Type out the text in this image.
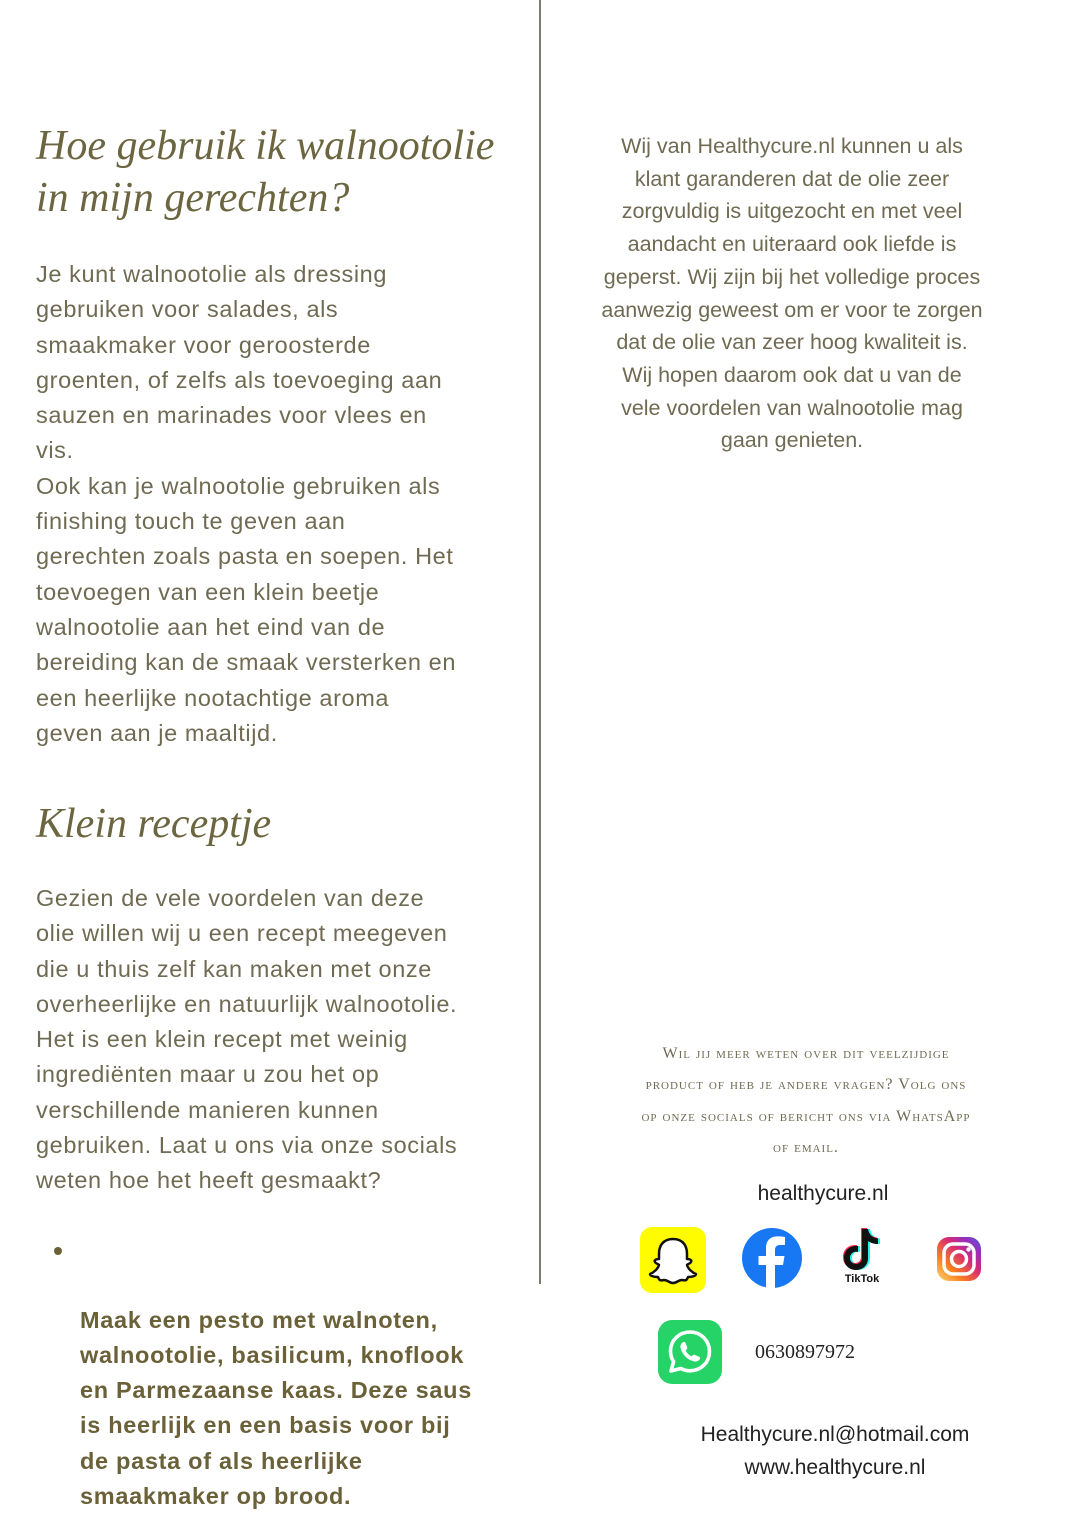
Hoe gebruik ik walnootolie in mijn gerechten?

Je kunt walnootolie als dressing
gebruiken voor salades, als
smaakmaker voor geroosterde
groenten, of zelfs als toevoeging aan
sauzen en marinades voor vlees en
vis.
Ook kan je walnootolie gebruiken als
finishing touch te geven aan
gerechten zoals pasta en soepen. Het
toevoegen van een klein beetje
walnootolie aan het eind van de
bereiding kan de smaak versterken en
een heerlijke nootachtige aroma
geven aan je maaltijd.

Klein receptje

Gezien de vele voordelen van deze
olie willen wij u een recept meegeven
die u thuis zelf kan maken met onze
overheerlijke en natuurlijk walnootolie.
Het is een klein recept met weinig
ingrediënten maar u zou het op
verschillende manieren kunnen
gebruiken. Laat u ons via onze socials
weten hoe het heeft gesmaakt?

Maak een pesto met walnoten,
walnootolie, basilicum, knoflook
en Parmezaanse kaas. Deze saus
is heerlijk en een basis voor bij
de pasta of als heerlijke
smaakmaker op brood.

Wij van Healthycure.nl kunnen u als
klant garanderen dat de olie zeer
zorgvuldig is uitgezocht en met veel
aandacht en uiteraard ook liefde is
geperst. Wij zijn bij het volledige proces
aanwezig geweest om er voor te zorgen
dat de olie van zeer hoog kwaliteit is.
Wij hopen daarom ook dat u van de
vele voordelen van walnootolie mag
gaan genieten.

Wil jij meer weten over dit veelzijdige
product of heb je andere vragen? Volg ons
op onze socials of bericht ons via WhatsApp
of email.

healthycure.nl

TikTok

0630897972

Healthycure.nl@hotmail.com

www.healthycure.nl
